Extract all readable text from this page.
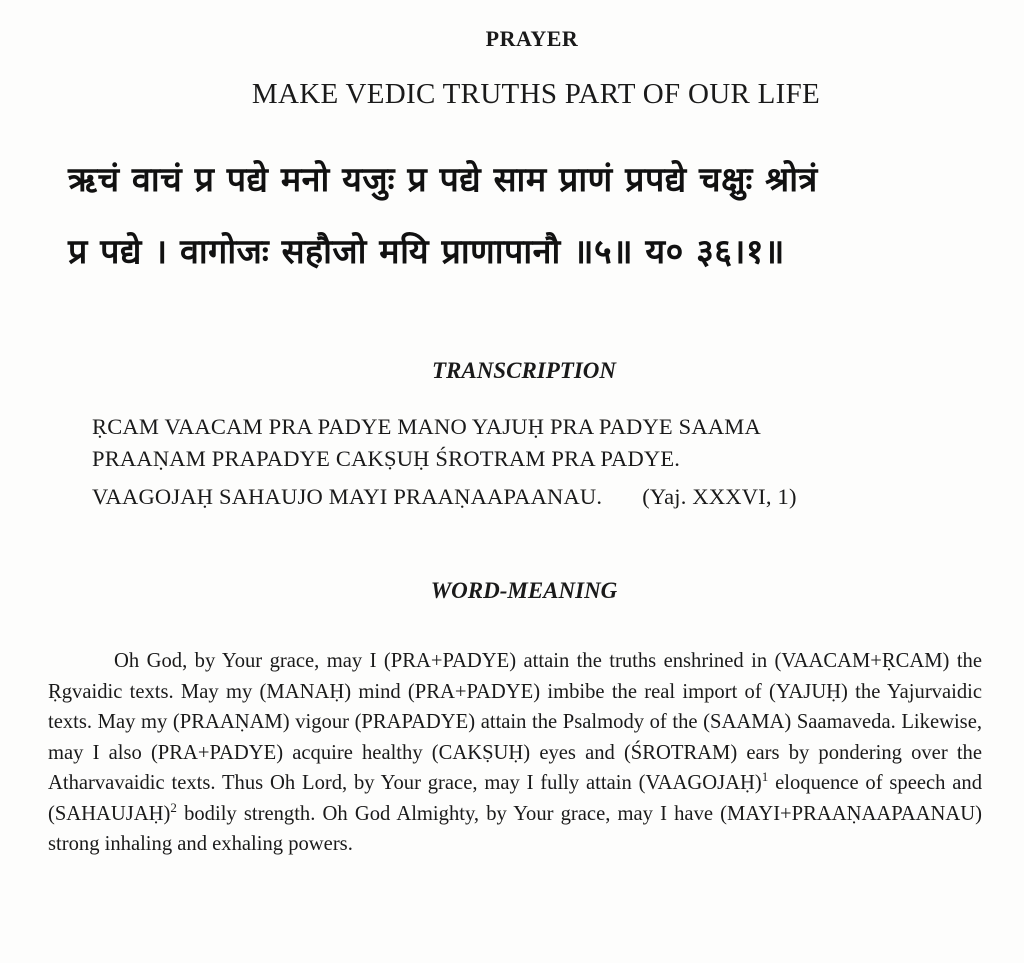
PRAYER
MAKE VEDIC TRUTHS PART OF OUR LIFE
ऋचं वाचं प्र पद्ये मनो यजुः प्र पद्ये साम प्राणं प्रपद्ये चक्षुः श्रोत्रं
प्र पद्ये । वागोजः सहौजो मयि प्राणापानौ ॥५॥ य० ३६।१॥
TRANSCRIPTION
ṚCAM VAACAM PRA PADYE MANO YAJUḤ PRA PADYE SAAMA
PRAAṆAM PRAPADYE CAKṢUḤ ŚROTRAM PRA PADYE.
VAAGOJAḤ SAHAUJO MAYI PRAAṆAAPAANAU. (Yaj. XXXVI, 1)
WORD-MEANING
Oh God, by Your grace, may I (PRA+PADYE) attain the truths enshrined in (VAACAM+ṚCAM) the Ṛgvaidic texts. May my (MANAḤ) mind (PRA+PADYE) imbibe the real import of (YAJUḤ) the Yajurvaidic texts. May my (PRAAṆAM) vigour (PRAPADYE) attain the Psalmody of the (SAAMA) Saamaveda. Likewise, may I also (PRA+PADYE) acquire healthy (CAKṢUḤ) eyes and (ŚROTRAM) ears by pondering over the Atharvavaidic texts. Thus Oh Lord, by Your grace, may I fully attain (VAAGOJAḤ)$^1$ eloquence of speech and (SAHAUJAḤ)$^2$ bodily strength. Oh God Almighty, by Your grace, may I have (MAYI+PRAAṆAAPAANAU) strong inhaling and exhaling powers.
